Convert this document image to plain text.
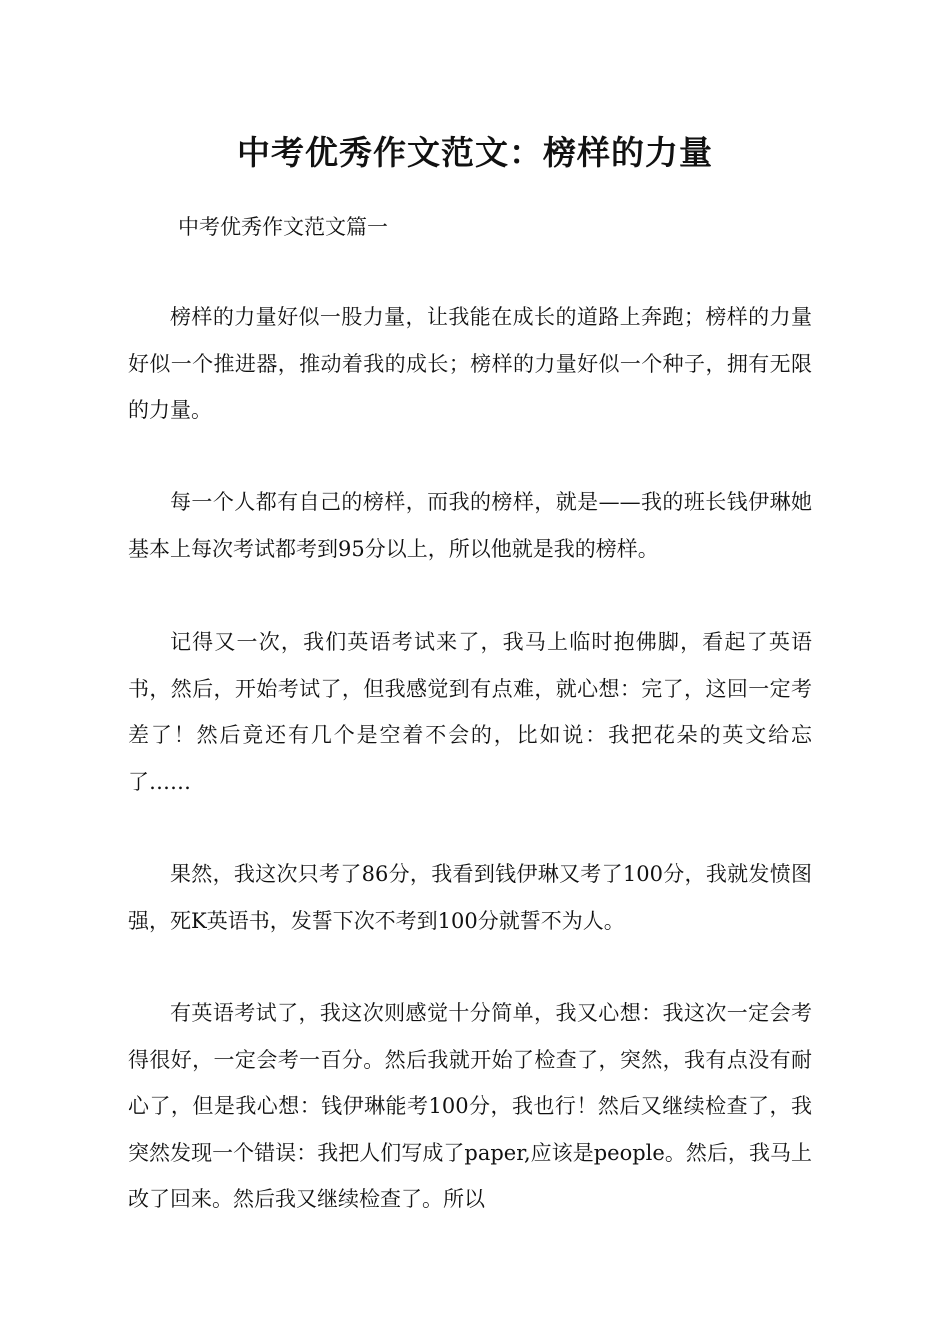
中考优秀作文范文：榜样的力量

中考优秀作文范文篇一

榜样的力量好似一股力量，让我能在成长的道路上奔跑；榜样的力量好似一个推进器，推动着我的成长；榜样的力量好似一个种子，拥有无限的力量。

每一个人都有自己的榜样，而我的榜样，就是——我的班长钱伊琳她基本上每次考试都考到95分以上，所以他就是我的榜样。

记得又一次，我们英语考试来了，我马上临时抱佛脚，看起了英语书，然后，开始考试了，但我感觉到有点难，就心想：完了，这回一定考差了！然后竟还有几个是空着不会的，比如说：我把花朵的英文给忘了……

果然，我这次只考了86分，我看到钱伊琳又考了100分，我就发愤图强，死K英语书，发誓下次不考到100分就誓不为人。

有英语考试了，我这次则感觉十分简单，我又心想：我这次一定会考得很好，一定会考一百分。然后我就开始了检查了，突然，我有点没有耐心了，但是我心想：钱伊琳能考100分，我也行！然后又继续检查了，我突然发现一个错误：我把人们写成了paper,应该是people。然后，我马上改了回来。然后我又继续检查了。所以
